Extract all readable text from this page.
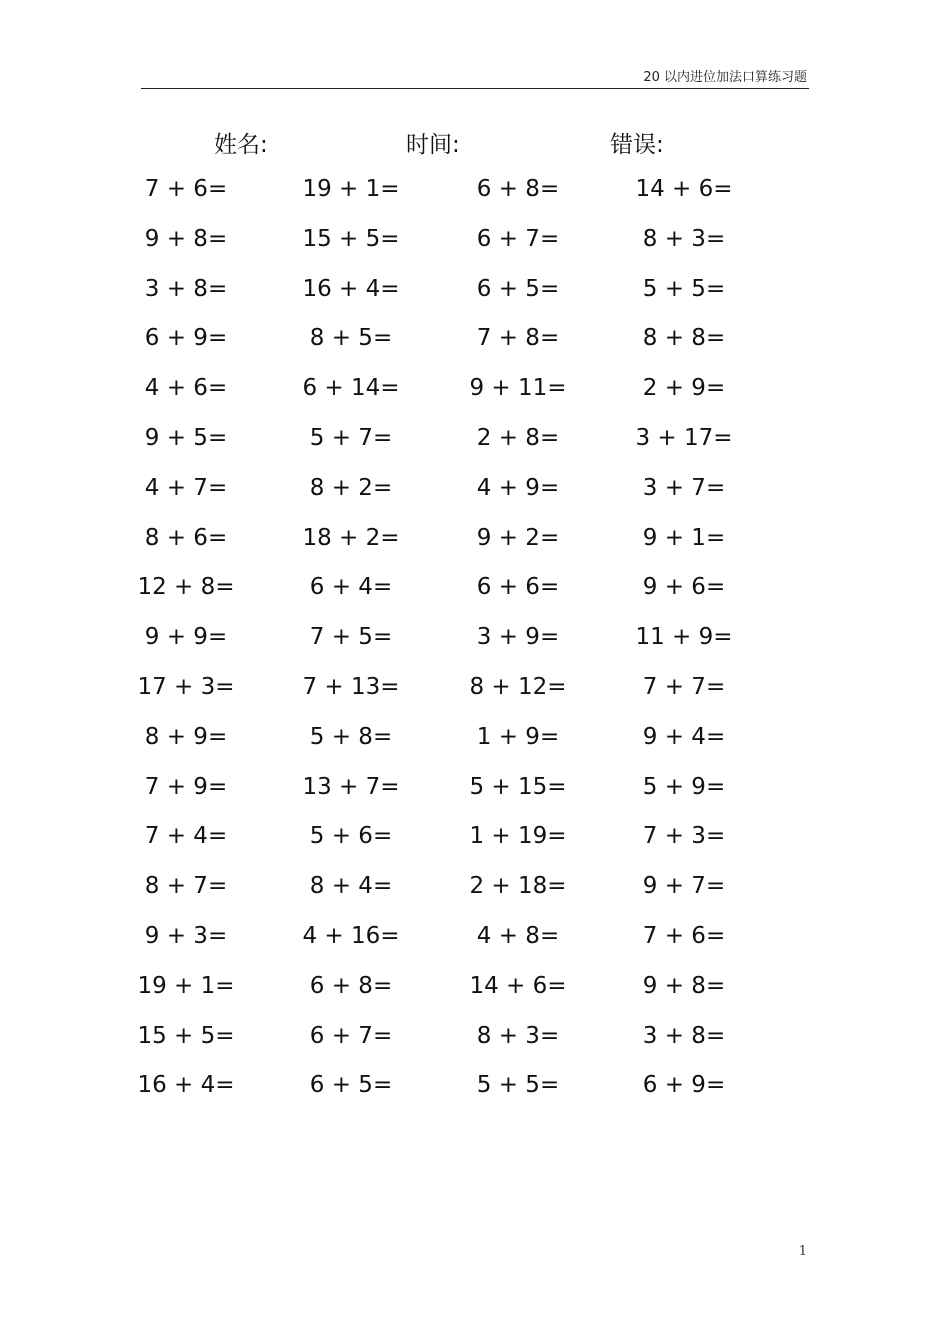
20 以内进位加法口算练习题
姓名:	时间:	错误:
7 + 6=	19 + 1=	6 + 8=	14 + 6=
9 + 8=	15 + 5=	6 + 7=	8 + 3=
3 + 8=	16 + 4=	6 + 5=	5 + 5=
6 + 9=	8 + 5=	7 + 8=	8 + 8=
4 + 6=	6 + 14=	9 + 11=	2 + 9=
9 + 5=	5 + 7=	2 + 8=	3 + 17=
4 + 7=	8 + 2=	4 + 9=	3 + 7=
8 + 6=	18 + 2=	9 + 2=	9 + 1=
12 + 8=	6 + 4=	6 + 6=	9 + 6=
9 + 9=	7 + 5=	3 + 9=	11 + 9=
17 + 3=	7 + 13=	8 + 12=	7 + 7=
8 + 9=	5 + 8=	1 + 9=	9 + 4=
7 + 9=	13 + 7=	5 + 15=	5 + 9=
7 + 4=	5 + 6=	1 + 19=	7 + 3=
8 + 7=	8 + 4=	2 + 18=	9 + 7=
9 + 3=	4 + 16=	4 + 8=	7 + 6=
19 + 1=	6 + 8=	14 + 6=	9 + 8=
15 + 5=	6 + 7=	8 + 3=	3 + 8=
16 + 4=	6 + 5=	5 + 5=	6 + 9=
1
